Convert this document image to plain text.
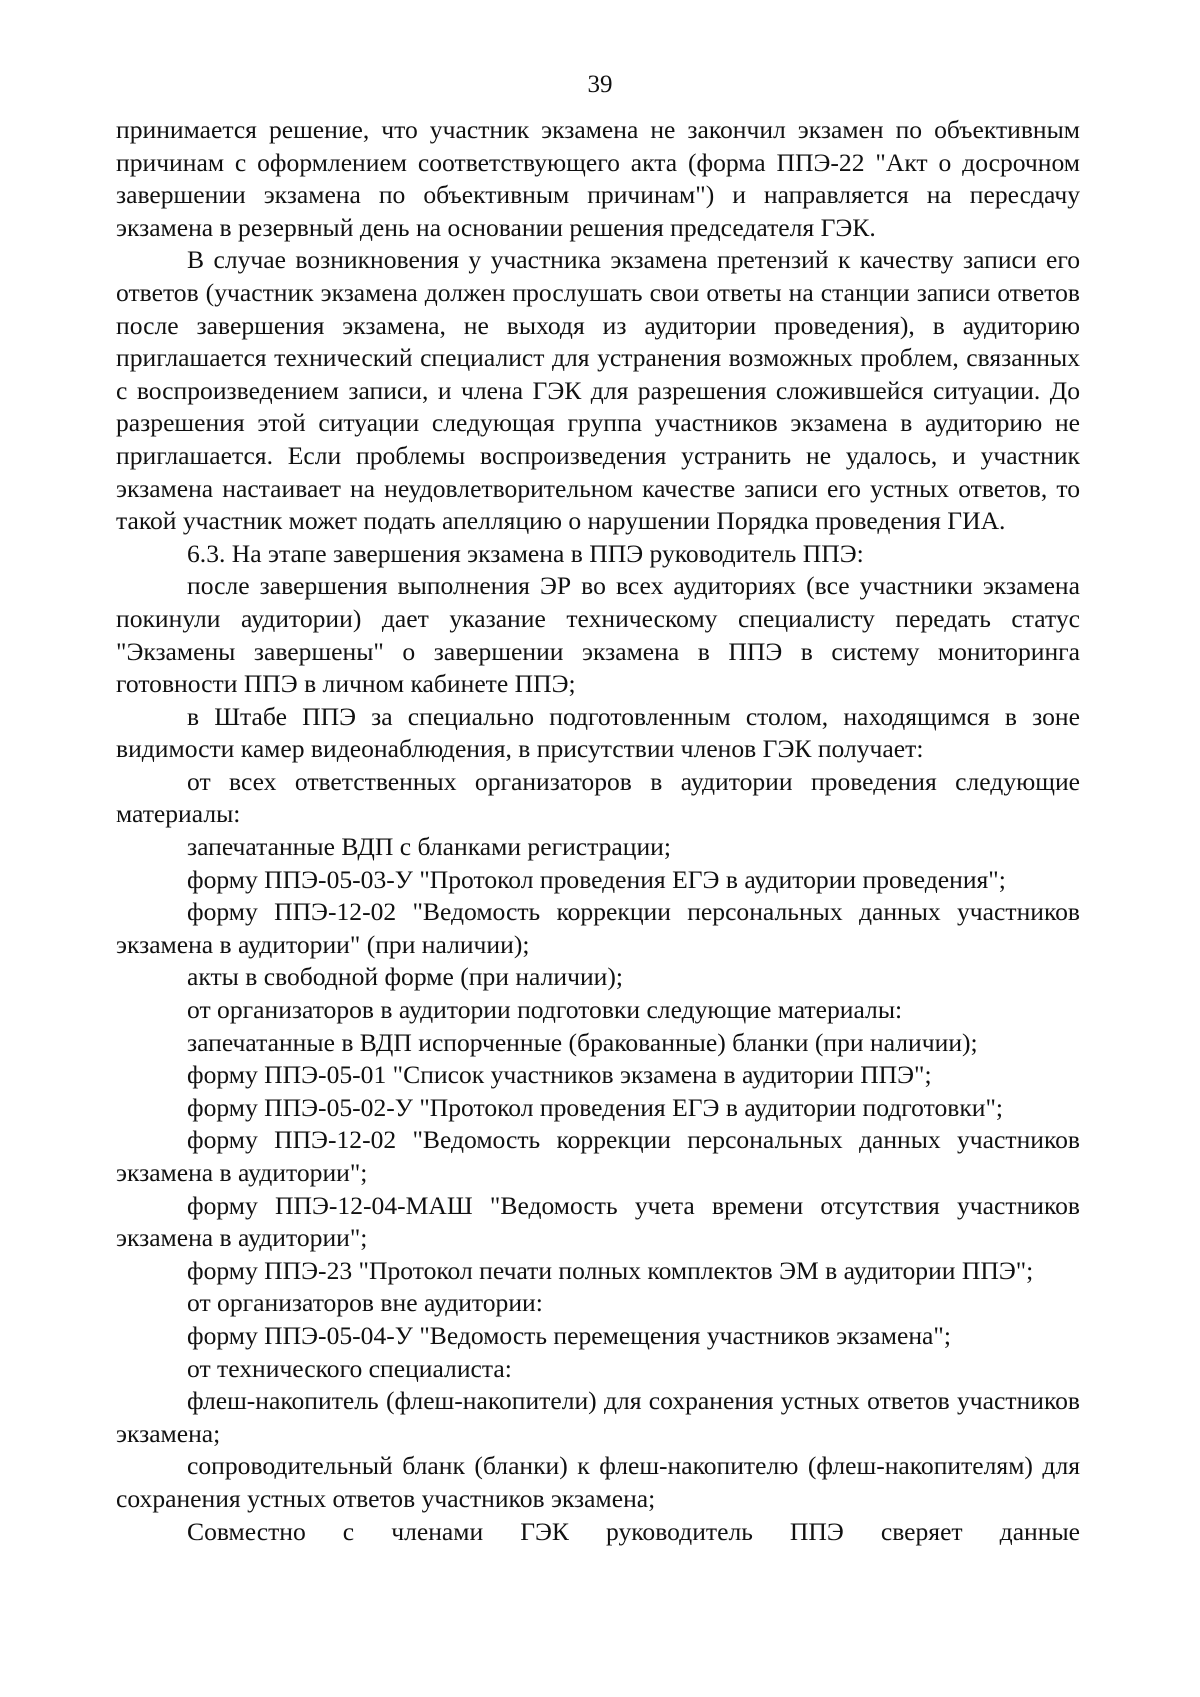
39

принимается решение, что участник экзамена не закончил экзамен по объективным причинам с оформлением соответствующего акта (форма ППЭ-22 "Акт о досрочном завершении экзамена по объективным причинам") и направляется на пересдачу экзамена в резервный день на основании решения председателя ГЭК.

В случае возникновения у участника экзамена претензий к качеству записи его ответов (участник экзамена должен прослушать свои ответы на станции записи ответов после завершения экзамена, не выходя из аудитории проведения), в аудиторию приглашается технический специалист для устранения возможных проблем, связанных с воспроизведением записи, и члена ГЭК для разрешения сложившейся ситуации. До разрешения этой ситуации следующая группа участников экзамена в аудиторию не приглашается. Если проблемы воспроизведения устранить не удалось, и участник экзамена настаивает на неудовлетворительном качестве записи его устных ответов, то такой участник может подать апелляцию о нарушении Порядка проведения ГИА.

6.3. На этапе завершения экзамена в ППЭ руководитель ППЭ:

после завершения выполнения ЭР во всех аудиториях (все участники экзамена покинули аудитории) дает указание техническому специалисту передать статус "Экзамены завершены" о завершении экзамена в ППЭ в систему мониторинга готовности ППЭ в личном кабинете ППЭ;

в Штабе ППЭ за специально подготовленным столом, находящимся в зоне видимости камер видеонаблюдения, в присутствии членов ГЭК получает:

от всех ответственных организаторов в аудитории проведения следующие материалы:

запечатанные ВДП с бланками регистрации;

форму ППЭ-05-03-У "Протокол проведения ЕГЭ в аудитории проведения";

форму ППЭ-12-02 "Ведомость коррекции персональных данных участников экзамена в аудитории" (при наличии);

акты в свободной форме (при наличии);

от организаторов в аудитории подготовки следующие материалы:

запечатанные в ВДП испорченные (бракованные) бланки (при наличии);

форму ППЭ-05-01 "Список участников экзамена в аудитории ППЭ";

форму ППЭ-05-02-У "Протокол проведения ЕГЭ в аудитории подготовки";

форму ППЭ-12-02 "Ведомость коррекции персональных данных участников экзамена в аудитории";

форму ППЭ-12-04-МАШ "Ведомость учета времени отсутствия участников экзамена в аудитории";

форму ППЭ-23 "Протокол печати полных комплектов ЭМ в аудитории ППЭ";

от организаторов вне аудитории:

форму ППЭ-05-04-У "Ведомость перемещения участников экзамена";

от технического специалиста:

флеш-накопитель (флеш-накопители) для сохранения устных ответов участников экзамена;

сопроводительный бланк (бланки) к флеш-накопителю (флеш-накопителям) для сохранения устных ответов участников экзамена;

Совместно с членами ГЭК руководитель ППЭ сверяет данные
